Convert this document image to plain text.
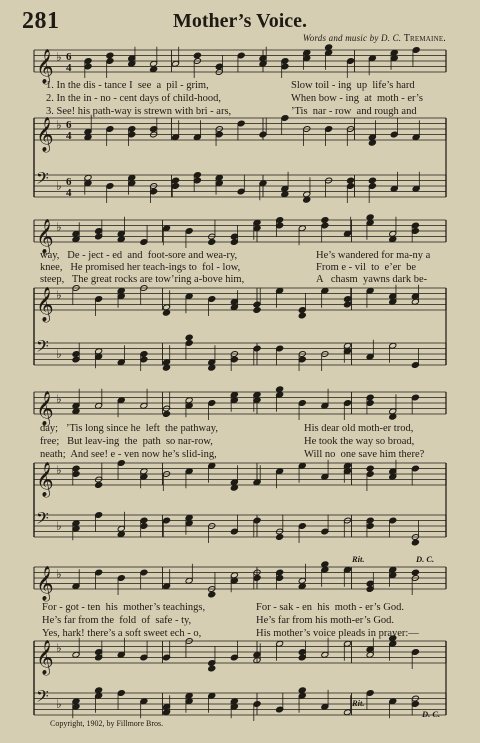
281	Mother’s Voice.
Words and music by D. C. Tremaine.
𝄞 ♭ 6
4
𝄞 ♭ 6
4
𝄢 ♭ 6
4
𝄞 ♭
𝄞 ♭
𝄢 ♭
𝄞 ♭
𝄞 ♭
𝄢 ♭
𝄞 ♭
𝄞 ♭
𝄢 ♭
1. In the dis - tance I  see  a  pil - grim,	Slow toil - ing  up  life’s hard
2. In the in - no - cent days of child-hood,	When bow - ing  at  moth - er’s
3. See! his path-way is strewn with bri - ars,	’Tis  nar - row  and rough and
way,   De - ject - ed  and  foot-sore and wea-ry,	He’s wandered for ma-ny a
knee,   He promised her teach-ings to  fol - low,	From e - vil  to  e’er  be
steep,   The great rocks are tow’ring a-bove him,	A   chasm  yawns dark be-
day;   ’Tis long since he  left  the pathway,	His dear old moth-er trod,
free;   But leav-ing  the  path  so nar-row,	He took the way so broad,
neath;  And see! e - ven now he’s slid-ing,	Will no  one save him there?
For - got - ten  his  mother’s teachings,	For - sak - en  his  moth - er’s God.
He’s far from the  fold  of  safe - ty,	He’s far from his moth-er’s God.
Yes, hark! there’s a soft sweet ech - o,	His mother’s voice pleads in prayer:—
Rit.	D. C.
Rit.
D. C.
Copyright, 1902, by Fillmore Bros.
